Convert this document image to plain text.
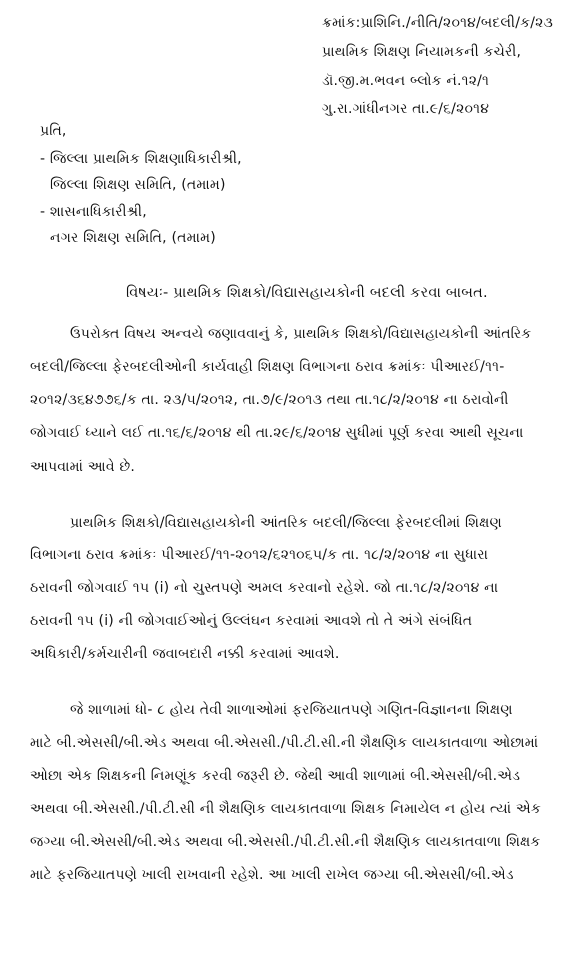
ક્રમાંક:પ્રાશિનિ./નીતિ/૨૦૧૪/બદલી/ક/૨૩
પ્રાથમિક શિક્ષણ નિયામકની કચેરી,
ડૉ.જી.મ.ભવન બ્લોક નં.૧૨/૧
ગુ.રા.ગાંધીનગર તા.૯/૬/૨૦૧૪
પ્રતિ,
- જિલ્લા પ્રાથમિક શિક્ષણાધિકારીશ્રી,
જિલ્લા શિક્ષણ સમિતિ, (તમામ)
- શાસનાધિકારીશ્રી,
નગર શિક્ષણ સમિતિ, (તમામ)
વિષયઃ- પ્રાથમિક શિક્ષકો/વિદ્યાસહાયકોની બદલી કરવા બાબત.
ઉપરોક્ત વિષય અન્વયે જણાવવાનું કે, પ્રાથમિક શિક્ષકો/વિદ્યાસહાયકોની આંતરિક
બદલી/જિલ્લા ફેરબદલીઓની કાર્યવાહી શિક્ષણ વિભાગના ઠરાવ ક્રમાંકઃ પીઆરઈ/૧૧-
૨૦૧૨/૩૬૪૭૭૬/ક તા. ૨૩/૫/૨૦૧૨, તા.૭/૯/૨૦૧૩ તથા તા.૧૮/૨/૨૦૧૪ ના ઠરાવોની
જોગવાઈ ધ્યાને લઈ તા.૧૬/૬/૨૦૧૪ થી તા.૨૯/૬/૨૦૧૪ સુધીમાં પૂર્ણ કરવા આથી સૂચના
આપવામાં આવે છે.
પ્રાથમિક શિક્ષકો/વિદ્યાસહાયકોની આંતરિક બદલી/જિલ્લા ફેરબદલીમાં શિક્ષણ
વિભાગના ઠરાવ ક્રમાંકઃ પીઆરઈ/૧૧-૨૦૧૨/૬૨૧૦૬૫/ક તા. ૧૮/૨/૨૦૧૪ ના સુધારા
ઠરાવની જોગવાઈ ૧૫ (i) નો ચુસ્તપણે અમલ કરવાનો રહેશે. જો તા.૧૮/૨/૨૦૧૪ ના
ઠરાવની ૧૫ (i) ની જોગવાઈઓનું ઉલ્લંઘન કરવામાં આવશે તો તે અંગે સંબંધિત
અધિકારી/કર્મચારીની જવાબદારી નક્કી કરવામાં આવશે.
જે શાળામાં ધો- ૮ હોય તેવી શાળાઓમાં ફરજિયાતપણે ગણિત-વિજ્ઞાનના શિક્ષણ
માટે બી.એસસી/બી.એડ અથવા બી.એસસી./પી.ટી.સી.ની શૈક્ષણિક લાયકાતવાળા ઓછામાં
ઓછા એક શિક્ષકની નિમણૂંક કરવી જરૂરી છે. જેથી આવી શાળામાં બી.એસસી/બી.એડ
અથવા બી.એસસી./પી.ટી.સી ની શૈક્ષણિક લાયકાતવાળા શિક્ષક નિમાયેલ ન હોય ત્યાં એક
જગ્યા બી.એસસી/બી.એડ અથવા બી.એસસી./પી.ટી.સી.ની શૈક્ષણિક લાયકાતવાળા શિક્ષક
માટે ફરજિયાતપણે ખાલી રાખવાની રહેશે. આ ખાલી રાખેલ જગ્યા બી.એસસી/બી.એડ
